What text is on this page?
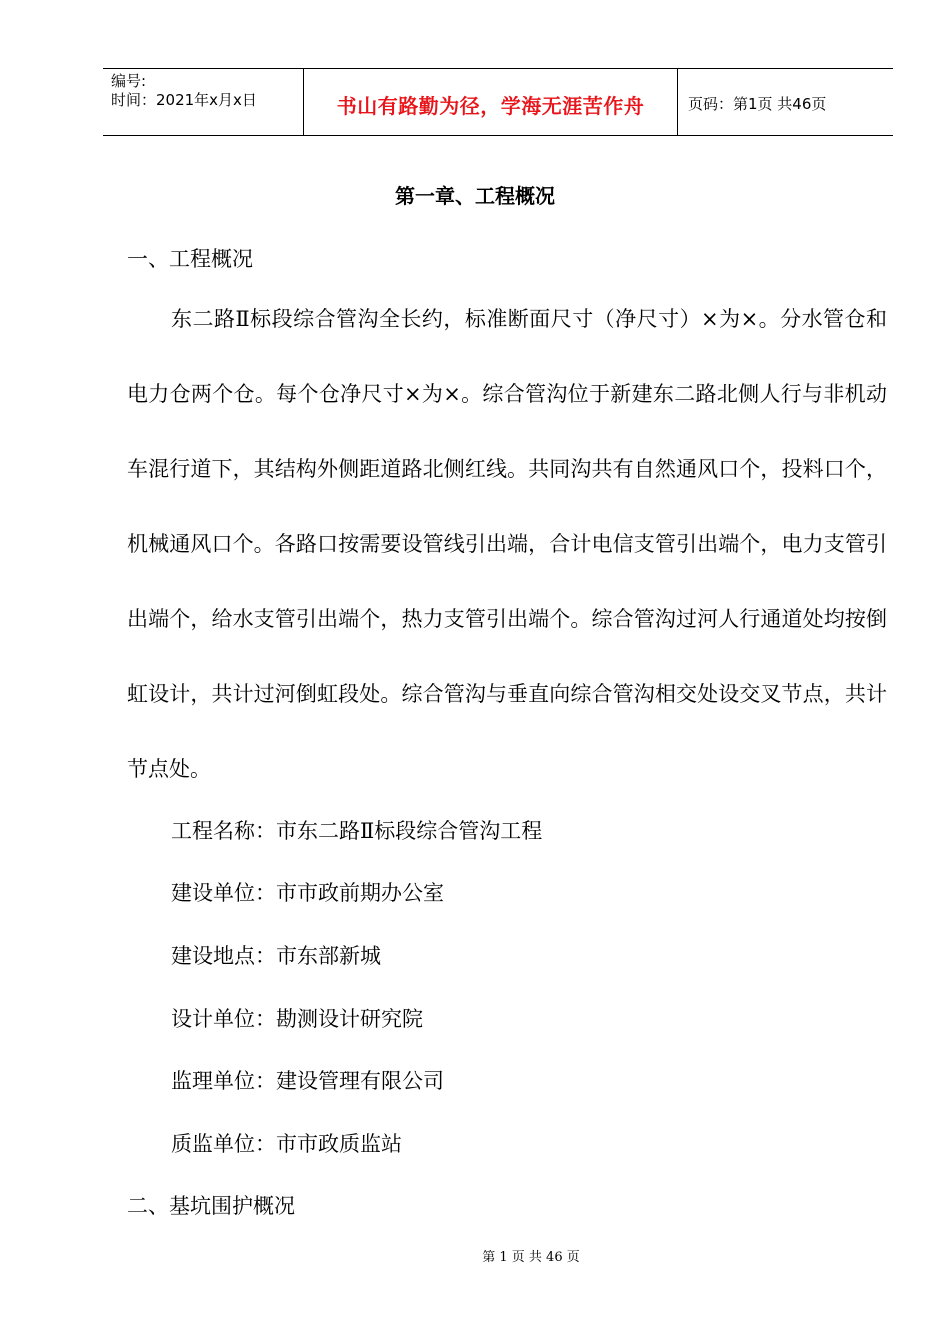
编号:
时间：2021年x月x日	书山有路勤为径，学海无涯苦作舟	页码：第1页 共46页
第一章、工程概况
一、工程概况

东二路Ⅱ标段综合管沟全长约，标准断面尺寸（净尺寸）×为×。分水管仓和电力仓两个仓。每个仓净尺寸×为×。综合管沟位于新建东二路北侧人行与非机动车混行道下，其结构外侧距道路北侧红线。共同沟共有自然通风口个，投料口个，机械通风口个。各路口按需要设管线引出端，合计电信支管引出端个，电力支管引出端个，给水支管引出端个，热力支管引出端个。综合管沟过河人行通道处均按倒虹设计，共计过河倒虹段处。综合管沟与垂直向综合管沟相交处设交叉节点，共计节点处。

工程名称：市东二路Ⅱ标段综合管沟工程
建设单位：市市政前期办公室
建设地点：市东部新城
设计单位：勘测设计研究院
监理单位：建设管理有限公司
质监单位：市市政质监站
二、基坑围护概况
第 1 页 共 46 页
